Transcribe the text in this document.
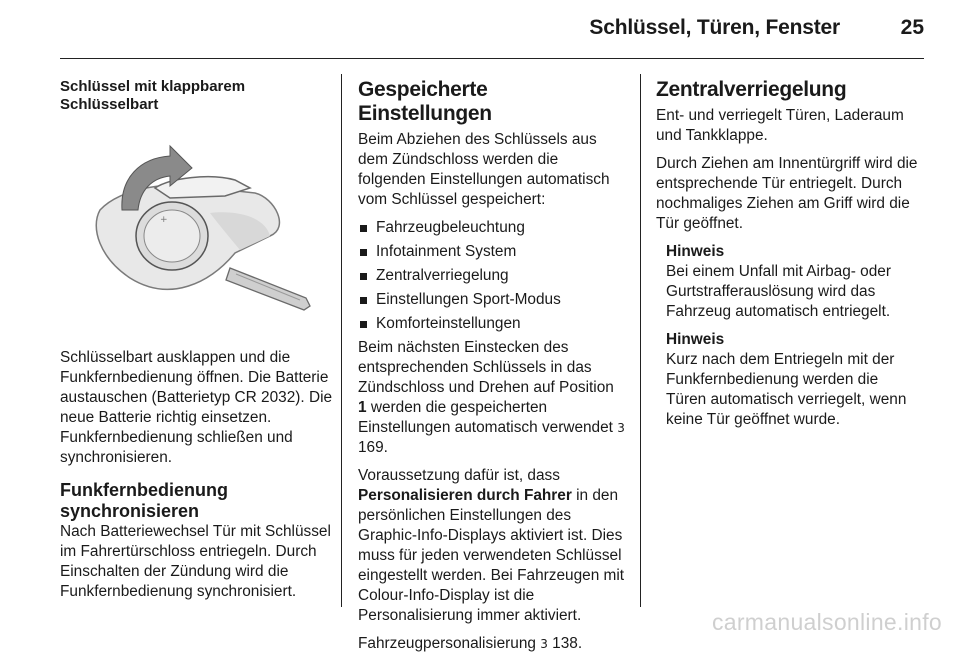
Schlüssel, Türen, Fenster	25
Schlüssel mit klappbarem Schlüsselbart
+

Schlüsselbart ausklappen und die Funkfernbedienung öffnen. Die Batterie austauschen (Batterietyp CR 2032). Die neue Batterie richtig einsetzen. Funkfernbedienung schließen und synchronisieren.

Funkfernbedienung synchronisieren

Nach Batteriewechsel Tür mit Schlüssel im Fahrertürschloss entriegeln. Durch Einschalten der Zündung wird die Funkfernbedienung synchronisiert.

Gespeicherte Einstellungen

Beim Abziehen des Schlüssels aus dem Zündschloss werden die folgenden Einstellungen automatisch vom Schlüssel gespeichert:

Fahrzeugbeleuchtung
Infotainment System
Zentralverriegelung
Einstellungen Sport-Modus
Komforteinstellungen

Beim nächsten Einstecken des entsprechenden Schlüssels in das Zündschloss und Drehen auf Position 1 werden die gespeicherten Einstellungen automatisch verwendet 3 169.

Voraussetzung dafür ist, dass Personalisieren durch Fahrer in den persönlichen Einstellungen des Graphic-Info-Displays aktiviert ist. Dies muss für jeden verwendeten Schlüssel eingestellt werden. Bei Fahrzeugen mit Colour-Info-Display ist die Personalisierung immer aktiviert.

Fahrzeugpersonalisierung 3 138.

Zentralverriegelung

Ent- und verriegelt Türen, Laderaum und Tankklappe.

Durch Ziehen am Innentürgriff wird die entsprechende Tür entriegelt. Durch nochmaliges Ziehen am Griff wird die Tür geöffnet.

Hinweis

Bei einem Unfall mit Airbag- oder Gurtstrafferauslösung wird das Fahrzeug automatisch entriegelt.

Hinweis

Kurz nach dem Entriegeln mit der Funkfernbedienung werden die Türen automatisch verriegelt, wenn keine Tür geöffnet wurde.

carmanualsonline.info
